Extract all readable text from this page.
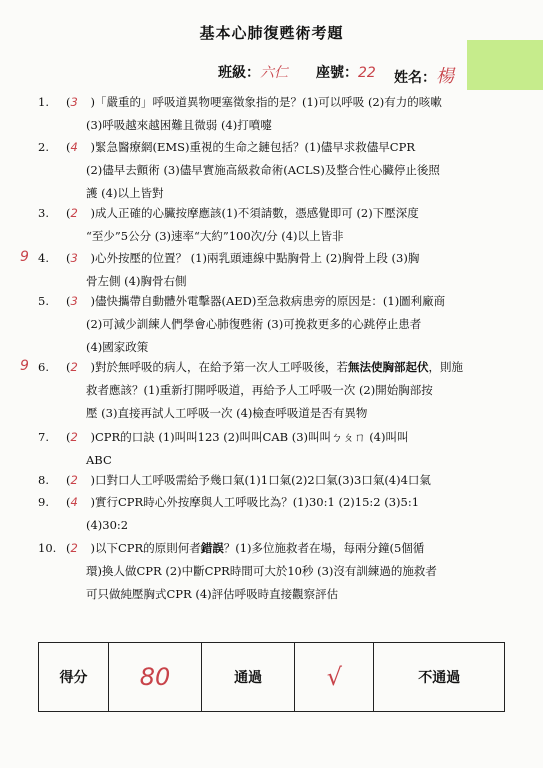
基本心肺復甦術考題
班級：六仁 座號：22 姓名：楊
1. (3 )「嚴重的」呼吸道異物哽塞徵象指的是？(1)可以呼吸 (2)有力的咳嗽
(3)呼吸越來越困難且微弱 (4)打噴嚏
2. (4 )緊急醫療網(EMS)重視的生命之鏈包括？(1)儘早求救儘早CPR
(2)儘早去顫術 (3)儘早實施高級救命術(ACLS)及整合性心臟停止後照
護 (4)以上皆對
3. (2 )成人正確的心臟按摩應該(1)不須請數，憑感覺即可 (2)下壓深度
“至少”5公分 (3)速率“大約”100次/分 (4)以上皆非
9 4. (3 )心外按壓的位置？ (1)兩乳頭連線中點胸骨上 (2)胸骨上段 (3)胸
骨左側 (4)胸骨右側
5. (3 )儘快攜帶自動體外電擊器(AED)至急救病患旁的原因是：(1)圖利廠商
(2)可減少訓練人們學會心肺復甦術 (3)可挽救更多的心跳停止患者
(4)國家政策
9 6. (2 )對於無呼吸的病人，在給予第一次人工呼吸後，若無法使胸部起伏，則施
救者應該？(1)重新打開呼吸道，再給予人工呼吸一次 (2)開始胸部按
壓 (3)直接再試人工呼吸一次 (4)檢查呼吸道是否有異物
7. (2 )CPR的口訣 (1)叫叫123 (2)叫叫CAB (3)叫叫ㄅㄆㄇ (4)叫叫
ABC
8. (2 )口對口人工呼吸需給予幾口氣(1)1口氣(2)2口氣(3)3口氣(4)4口氣
9. (4 )實行CPR時心外按摩與人工呼吸比為？(1)30:1 (2)15:2 (3)5:1
(4)30:2
10. (2 )以下CPR的原則何者錯誤？(1)多位施救者在場，每兩分鐘(5個循
環)換人做CPR (2)中斷CPR時間可大於10秒 (3)沒有訓練過的施救者
可只做純壓胸式CPR (4)評估呼吸時直接觀察評估
得分	80	通過	√	不通過
